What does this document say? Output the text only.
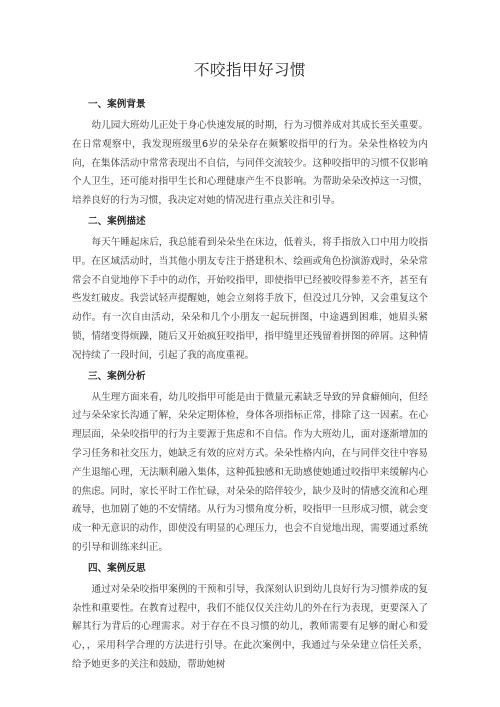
不咬指甲好习惯
一、案例背景

幼儿园大班幼儿正处于身心快速发展的时期，行为习惯养成对其成长至关重要。在日常观察中，我发现班级里6岁的朵朵存在频繁咬指甲的行为。朵朵性格较为内向，在集体活动中常常表现出不自信，与同伴交流较少。这种咬指甲的习惯不仅影响个人卫生，还可能对指甲生长和心理健康产生不良影响。为帮助朵朵改掉这一习惯，培养良好的行为习惯，我决定对她的情况进行重点关注和引导。

二、案例描述

每天午睡起床后，我总能看到朵朵坐在床边，低着头，将手指放入口中用力咬指甲。在区域活动时，当其他小朋友专注于搭建积木、绘画或角色扮演游戏时，朵朵常常会不自觉地停下手中的动作，开始咬指甲，即使指甲已经被咬得参差不齐，甚至有些发红破皮。我尝试轻声提醒她，她会立刻将手放下，但没过几分钟，又会重复这个动作。有一次自由活动，朵朵和几个小朋友一起玩拼图，中途遇到困难，她眉头紧锁，情绪变得烦躁，随后又开始疯狂咬指甲，指甲缝里还残留着拼图的碎屑。这种情况持续了一段时间，引起了我的高度重视。

三、案例分析

从生理方面来看，幼儿咬指甲可能是由于微量元素缺乏导致的异食癖倾向，但经过与朵朵家长沟通了解，朵朵定期体检，身体各项指标正常，排除了这一因素。在心理层面，朵朵咬指甲的行为主要源于焦虑和不自信。作为大班幼儿，面对逐渐增加的学习任务和社交压力，她缺乏有效的应对方式。朵朵性格内向，在与同伴交往中容易产生退缩心理，无法顺利融入集体，这种孤独感和无助感使她通过咬指甲来缓解内心的焦虑。同时，家长平时工作忙碌，对朵朵的陪伴较少，缺少及时的情感交流和心理疏导，也加剧了她的不安情绪。从行为习惯角度分析，咬指甲一旦形成习惯，就会变成一种无意识的动作，即使没有明显的心理压力，也会不自觉地出现，需要通过系统的引导和训练来纠正。

四、案例反思

通过对朵朵咬指甲案例的干预和引导，我深刻认识到幼儿良好行为习惯养成的复杂性和重要性。在教育过程中，我们不能仅仅关注幼儿的外在行为表现，更要深入了解其行为背后的心理需求。对于存在不良习惯的幼儿，教师需要有足够的耐心和爱心，，采用科学合理的方法进行引导。在此次案例中，我通过与朵朵建立信任关系，给予她更多的关注和鼓励，帮助她树
